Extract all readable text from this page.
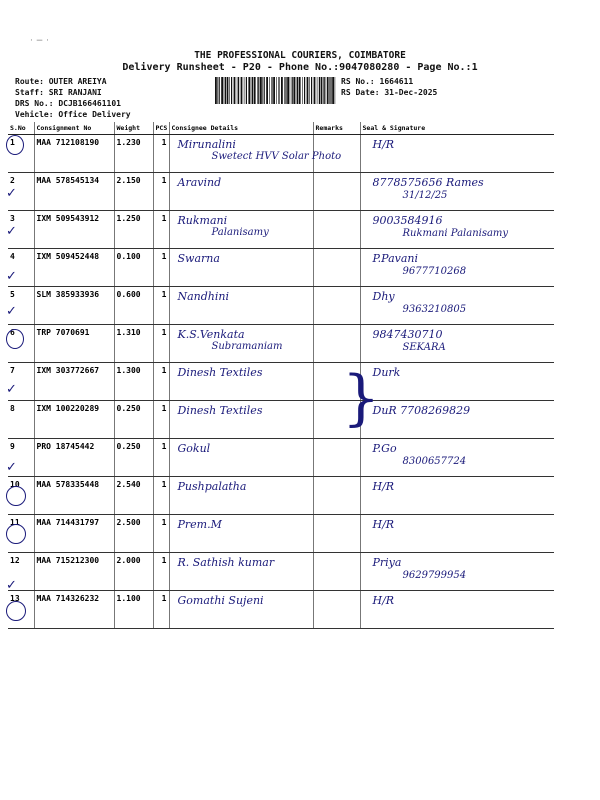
· − ·
THE PROFESSIONAL COURIERS, COIMBATORE
Delivery Runsheet - P20 - Phone No.:9047080280 - Page No.:1
Route: OUTER AREIYA
Staff: SRI RANJANI
DRS No.: DCJB166461101
Vehicle: Office Delivery
RS No.: 1664611
RS Date: 31-Dec-2025
S.No	Consignment No	Weight	PCS	Consignee Details	Remarks	Seal & Signature
1	MAA 712108190	1.230	1	Mirunalini
Swetect HVV Solar Photo		H/R

2	MAA 578545134	2.150	1	Aravind		8778575656 Rames
31/12/25

3	IXM 509543912	1.250	1	Rukmani
Palanisamy		9003584916
Rukmani Palanisamy

4	IXM 509452448	0.100	1	Swarna		P.Pavani
9677710268

5	SLM 385933936	0.600	1	Nandhini		Dhy
9363210805

6	TRP 7070691	1.310	1	K.S.Venkata
Subramaniam		9847430710
SEKARA

7	IXM 303772667	1.300	1	Dinesh Textiles		Durk

8	IXM 100220289	0.250	1	Dinesh Textiles		DuR 7708269829

9	PRO 18745442	0.250	1	Gokul		P.Go
8300657724

10	MAA 578335448	2.540	1	Pushpalatha		H/R

11	MAA 714431797	2.500	1	Prem.M		H/R

12	MAA 715212300	2.000	1	R. Sathish kumar		Priya
9629799954

13	MAA 714326232	1.100	1	Gomathi Sujeni		H/R
}
✓
✓
✓
✓
✓
✓
✓
